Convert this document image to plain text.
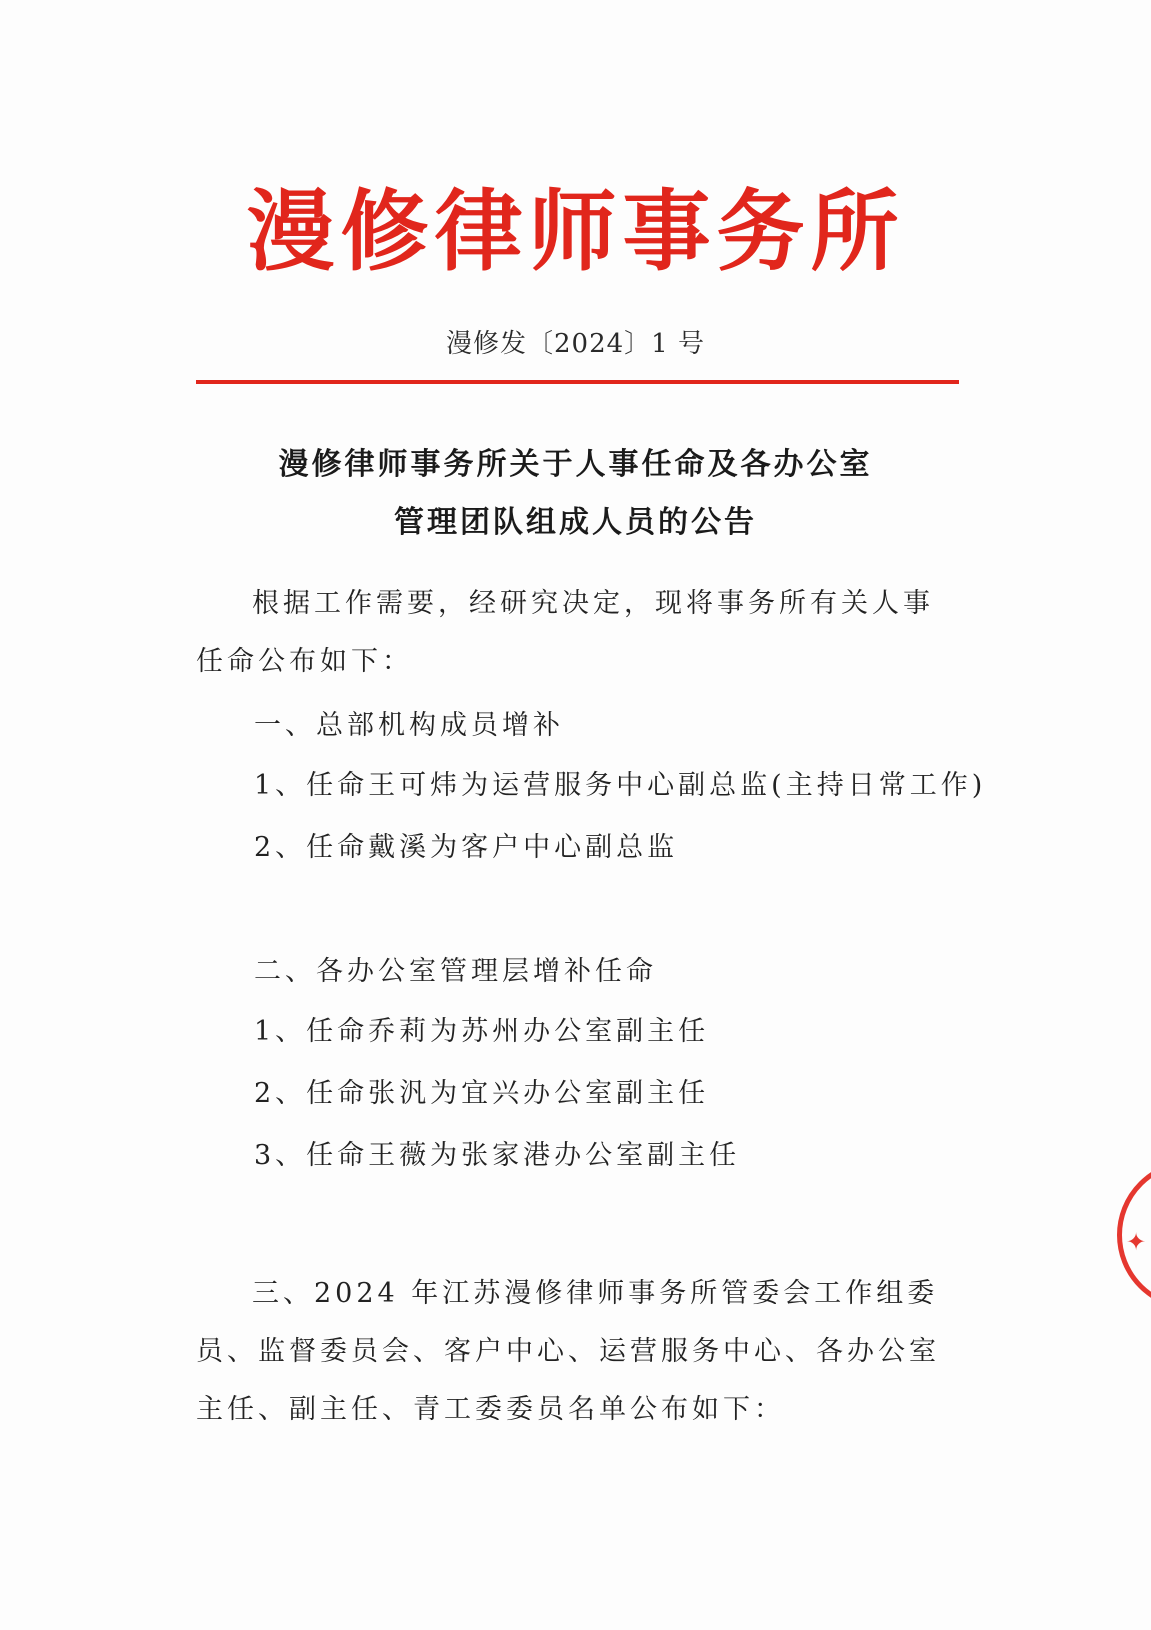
漫修律师事务所
漫修发〔2024〕1 号
漫修律师事务所关于人事任命及各办公室
管理团队组成人员的公告

根据工作需要，经研究决定，现将事务所有关人事任命公布如下：

一、总部机构成员增补
1、任命王可炜为运营服务中心副总监(主持日常工作)
2、任命戴溪为客户中心副总监
二、各办公室管理层增补任命
1、任命乔莉为苏州办公室副主任
2、任命张汎为宜兴办公室副主任
3、任命王薇为张家港办公室副主任

三、2024 年江苏漫修律师事务所管委会工作组委员、监督委员会、客户中心、运营服务中心、各办公室主任、副主任、青工委委员名单公布如下：

✦
